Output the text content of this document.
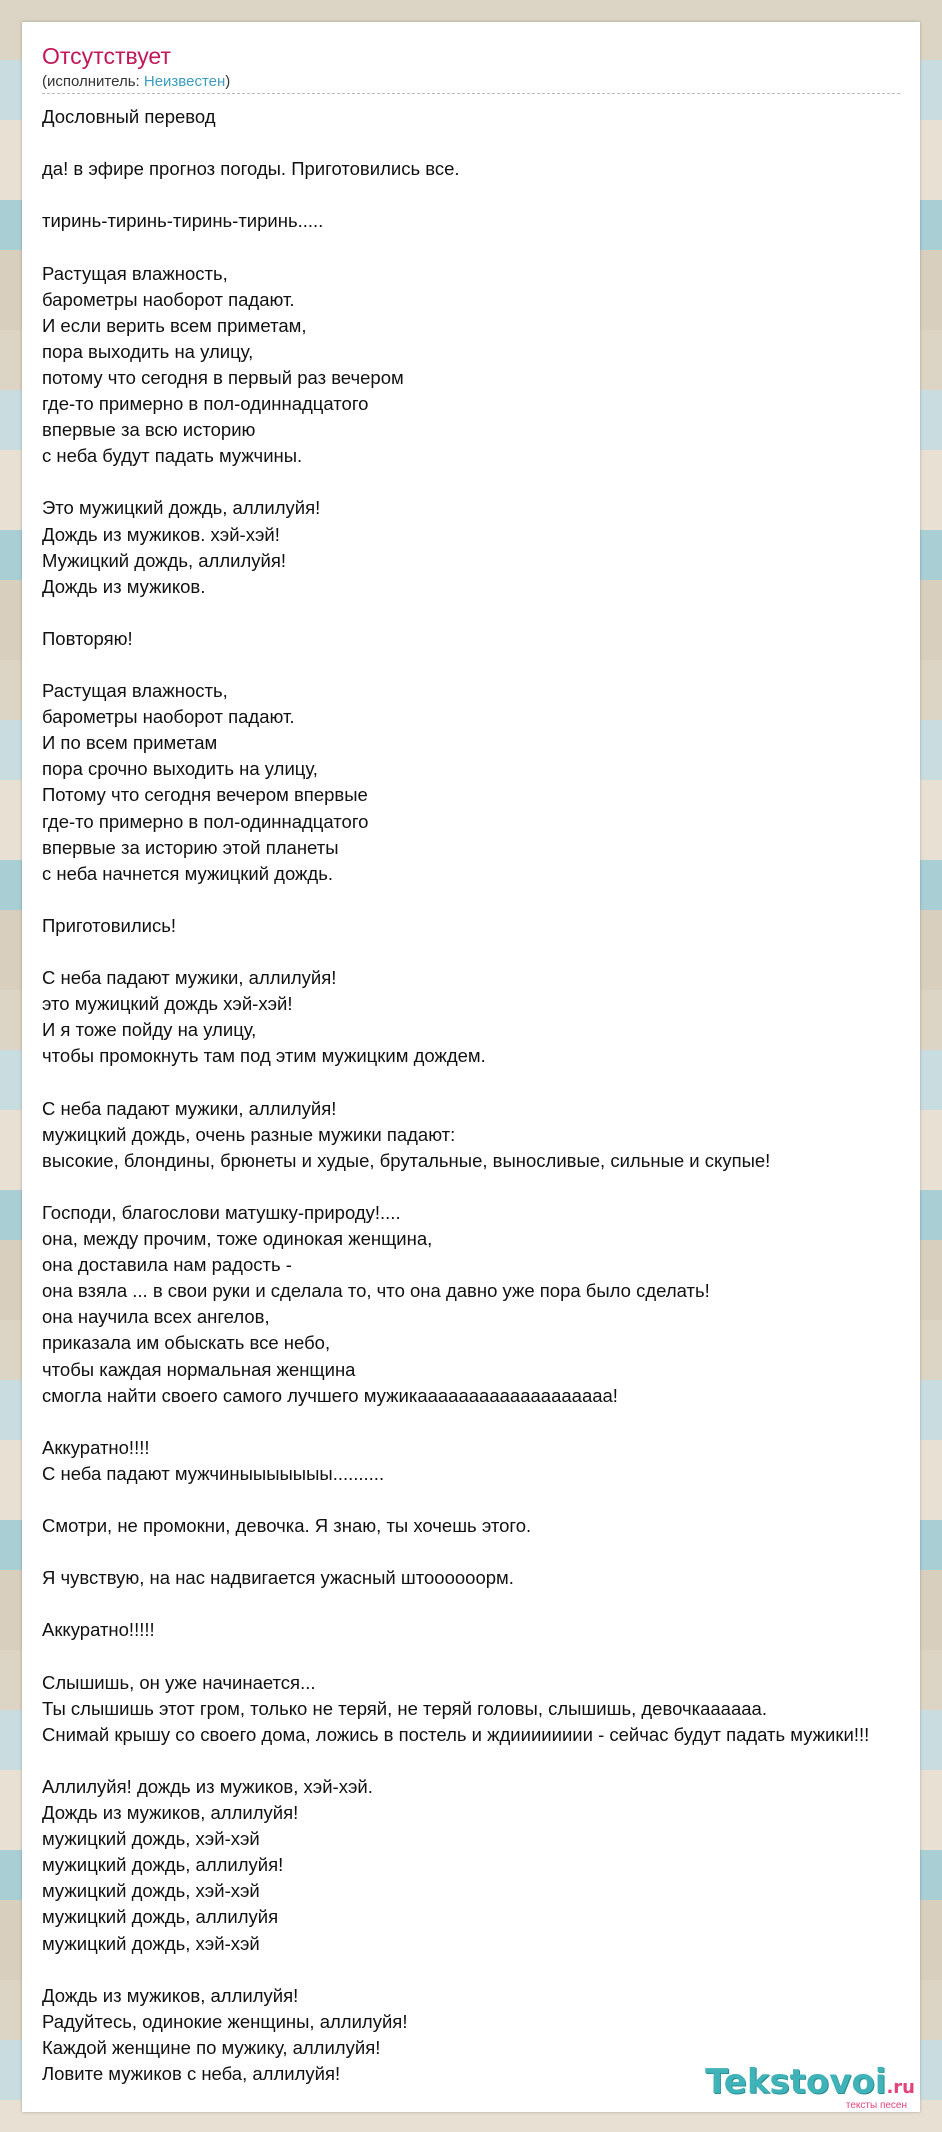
Отсутствует
(исполнитель: Неизвестен)
Дословный перевод
да! в эфире прогноз погоды. Приготовились все.
тиринь-тиринь-тиринь-тиринь.....
Растущая влажность,
барометры наоборот падают.
И если верить всем приметам,
пора выходить на улицу,
потому что сегодня в первый раз вечером
где-то примерно в пол-одиннадцатого
впервые за всю историю
с неба будут падать мужчины.
Это мужицкий дождь, аллилуйя!
Дождь из мужиков. хэй-хэй!
Мужицкий дождь, аллилуйя!
Дождь из мужиков.
Повторяю!
Растущая влажность,
барометры наоборот падают.
И по всем приметам
пора срочно выходить на улицу,
Потому что сегодня вечером впервые
где-то примерно в пол-одиннадцатого
впервые за историю этой планеты
с неба начнется мужицкий дождь.
Приготовились!
С неба падают мужики, аллилуйя!
это мужицкий дождь хэй-хэй!
И я тоже пойду на улицу,
чтобы промокнуть там под этим мужицким дождем.
С неба падают мужики, аллилуйя!
мужицкий дождь, очень разные мужики падают:
высокие, блондины, брюнеты и худые, брутальные, выносливые, сильные и скупые!
Господи, благослови матушку-природу!....
она, между прочим, тоже одинокая женщина,
она доставила нам радость -
она взяла ... в свои руки и сделала то, что она давно уже пора было сделать!
она научила всех ангелов,
приказала им обыскать все небо,
чтобы каждая нормальная женщина
смогла найти своего самого лучшего мужикааааааааааааааааааа!
Аккуратно!!!!
С неба падают мужчиныыыыыыы..........
Смотри, не промокни, девочка. Я знаю, ты хочешь этого.
Я чувствую, на нас надвигается ужасный штоооооорм.
Аккуратно!!!!!
Слышишь, он уже начинается...
Ты слышишь этот гром, только не теряй, не теряй головы, слышишь, девочкаааааа.
Снимай крышу со своего дома, ложись в постель и ждииииииии - сейчас будут падать мужики!!!
Аллилуйя! дождь из мужиков, хэй-хэй.
Дождь из мужиков, аллилуйя!
мужицкий дождь, хэй-хэй
мужицкий дождь, аллилуйя!
мужицкий дождь, хэй-хэй
мужицкий дождь, аллилуйя
мужицкий дождь, хэй-хэй
Дождь из мужиков, аллилуйя!
Радуйтесь, одинокие женщины, аллилуйя!
Каждой женщине по мужику, аллилуйя!
Ловите мужиков с неба, аллилуйя!	Tekstovoi.ru
тексты песен
